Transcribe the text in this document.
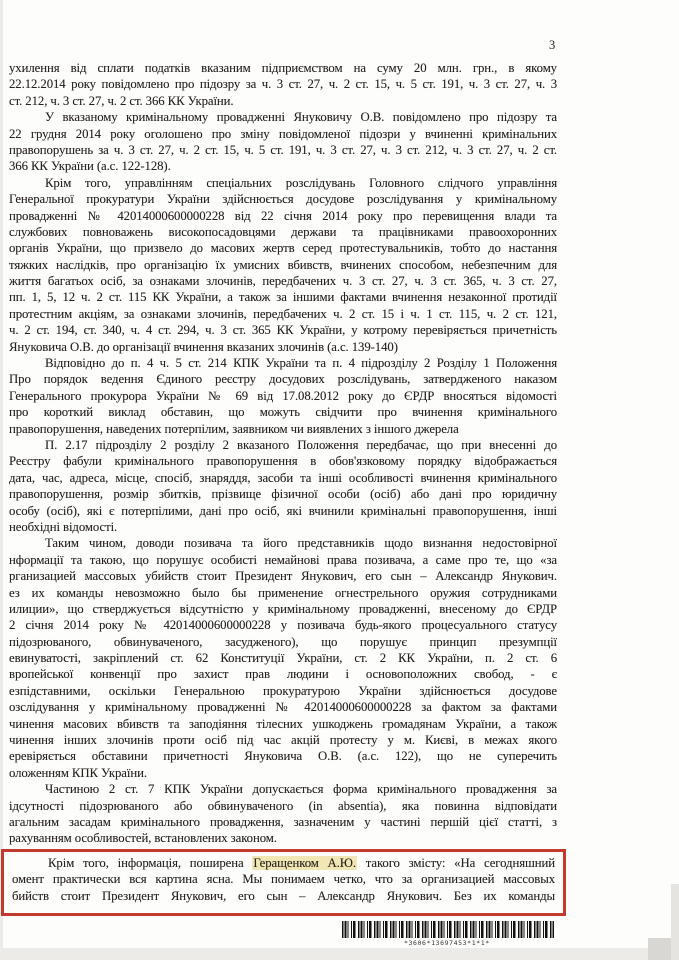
3
ухилення від сплати податків вказаним підприємством на суму 20 млн. грн., в якому
22.12.2014 року повідомлено про підозру за ч. 3 ст. 27, ч. 2 ст. 15, ч. 5 ст. 191, ч. 3 ст. 27, ч. 3
ст. 212, ч. 3 ст. 27, ч. 2 ст. 366 КК України.
У вказаному кримінальному провадженні Януковичу О.В. повідомлено про підозру та
22 грудня 2014 року оголошено про зміну повідомленої підозри у вчиненні кримінальних
правопорушень за ч. 3 ст. 27, ч. 2 ст. 15, ч. 5 ст. 191, ч. 3 ст. 27, ч. 3 ст. 212, ч. 3 ст. 27, ч. 2 ст.
366 КК України (а.с. 122-128).
Крім того, управлінням спеціальних розслідувань Головного слідчого управління
Генеральної прокуратури України здійснюється досудове розслідування у кримінальному
провадженні № 42014000600000228 від 22 січня 2014 року про перевищення влади та
службових повноважень високопосадовцями держави та працівниками правоохоронних
органів України, що призвело до масових жертв серед протестувальників, тобто до настання
тяжких наслідків, про організацію їх умисних вбивств, вчинених способом, небезпечним для
життя багатьох осіб, за ознаками злочинів, передбачених ч. 3 ст. 27, ч. 3 ст. 365, ч. 3 ст. 27,
пп. 1, 5, 12 ч. 2 ст. 115 КК України, а також за іншими фактами вчинення незаконної протидії
протестним акціям, за ознаками злочинів, передбачених ч. 2 ст. 15 і ч. 1 ст. 115, ч. 2 ст. 121,
ч. 2 ст. 194, ст. 340, ч. 4 ст. 294, ч. 3 ст. 365 КК України, у котрому перевіряється причетність
Януковича О.В. до організації вчинення вказаних злочинів (а.с. 139-140)
Відповідно до п. 4 ч. 5 ст. 214 КПК України та п. 4 підрозділу 2 Розділу 1 Положення
Про порядок ведення Єдиного реєстру досудових розслідувань, затвердженого наказом
Генерального прокурора України № 69 від 17.08.2012 року до ЄРДР вносяться відомості
про короткий виклад обставин, що можуть свідчити про вчинення кримінального
правопорушення, наведених потерпілим, заявником чи виявлених з іншого джерела
П. 2.17 підрозділу 2 розділу 2 вказаного Положення передбачає, що при внесенні до
Реєстру фабули кримінального правопорушення в обов'язковому порядку відображається
дата, час, адреса, місце, спосіб, знаряддя, засоби та інші особливості вчинення кримінального
правопорушення, розмір збитків, прізвище фізичної особи (осіб) або дані про юридичну
особу (осіб), які є потерпілими, дані про осіб, які вчинили кримінальні правопорушення, інші
необхідні відомості.
Таким чином, доводи позивача та його представників щодо визнання недостовірної
нформації та такою, що порушує особисті немайнові права позивача, а саме про те, що «за
рганизацией массовых убийств стоит Президент Янукович, его сын – Александр Янукович.
ез их команды невозможно было бы применение огнестрельного оружия сотрудниками
илиции», що стверджується відсутністю у кримінальному провадженні, внесеному до ЄРДР
2 січня 2014 року № 42014000600000228 у позивача будь-якого процесуального статусу
підозрюваного, обвинуваченого, засудженого), що порушує принцип презумпції
евинуватості, закріплений ст. 62 Конституції України, ст. 2 КК України, п. 2 ст. 6
вропейської конвенції про захист прав людини і основоположних свобод, - є
езпідставними, оскільки Генеральною прокуратурою України здійснюється досудове
озслідування у кримінальному провадженні № 42014000600000228 за фактом за фактами
чинення масових вбивств та заподіяння тілесних ушкоджень громадянам України, а також
чинення інших злочинів проти осіб під час акцій протесту у м. Києві, в межах якого
еревіряється обставини причетності Януковича О.В. (а.с. 122), що не суперечить
оложенням КПК України.
Частиною 2 ст. 7 КПК України допускається форма кримінального провадження за
ідсутності підозрюваного або обвинуваченого (in absentia), яка повинна відповідати
агальним засадам кримінального провадження, зазначеним у частині першій цієї статті, з
рахуванням особливостей, встановлених законом.
Крім того, інформація, поширена Геращенком А.Ю. такого змісту: «На сегодняшний
омент практически вся картина ясна. Мы понимаем четко, что за организацией массовых
бийств стоит Президент Янукович, его сын – Александр Янукович. Без их команды
*3606*13697453*1*1*
